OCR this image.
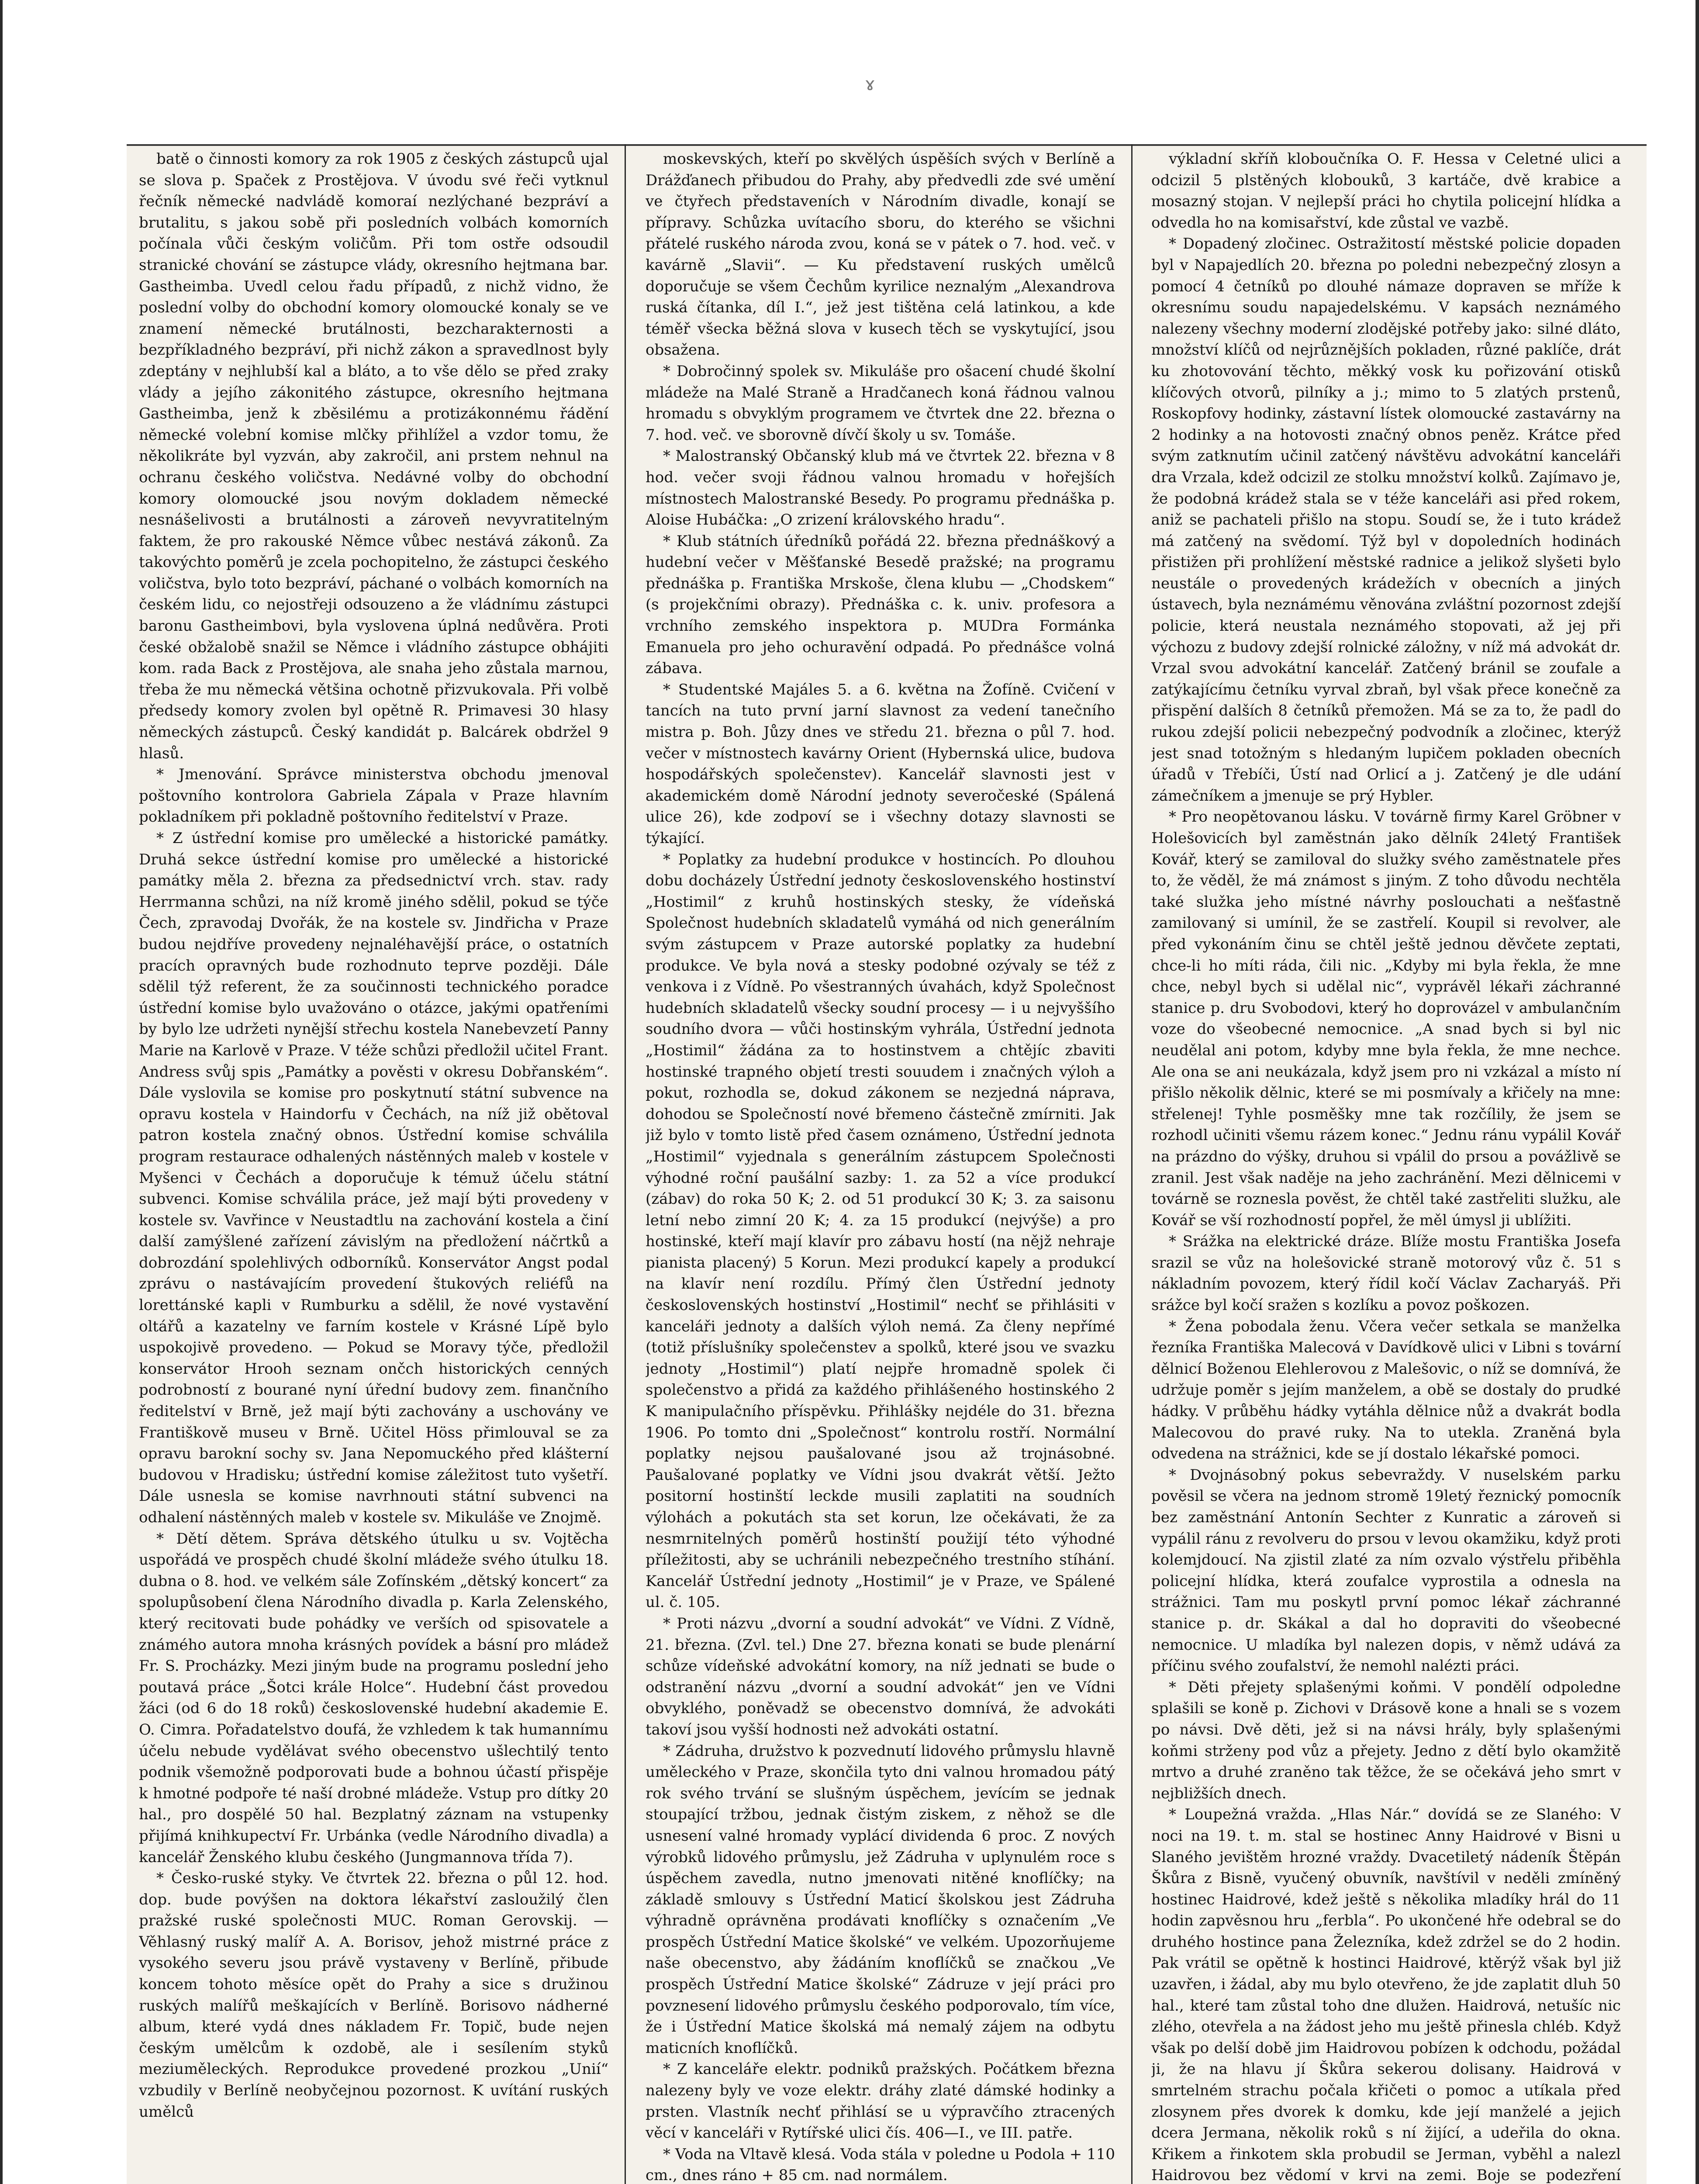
ɤ

batě o činnosti komory za rok 1905 z českých zástupců ujal se slova p. Spaček z Prostějova. V úvodu své řeči vytknul řečník německé nadvládě komoraí nezlýchané bezpráví a brutalitu, s jakou sobě při posledních volbách komorních počínala vůči českým voličům. Při tom ostře odsoudil stranické chování se zástupce vlády, okresního hejtmana bar. Gastheimba. Uvedl celou řadu případů, z nichž vidno, že poslední volby do obchodní komory olomoucké konaly se ve znamení německé brutálnosti, bezcharakternosti a bezpříkladného bezpráví, při nichž zákon a spravedlnost byly zdeptány v nejhlubší kal a bláto, a to vše dělo se před zraky vlády a jejího zákonitého zástupce, okresního hejtmana Gastheimba, jenž k zběsilému a protizákonnému řádění německé volební komise mlčky přihlížel a vzdor tomu, že několikráte byl vyzván, aby zakročil, ani prstem nehnul na ochranu českého voličstva. Nedávné volby do obchodní komory olomoucké jsou novým dokladem německé nesnášelivosti a brutálnosti a zároveň nevyvratitelným faktem, že pro rakouské Němce vůbec nestává zákonů. Za takovýchto poměrů je zcela pochopitelno, že zástupci českého voličstva, bylo toto bezpráví, páchané o volbách komorních na českém lidu, co nejostřeji odsouzeno a že vládnímu zástupci baronu Gastheimbovi, byla vyslovena úplná nedůvěra. Proti české obžalobě snažil se Němce i vládního zástupce obhájiti kom. rada Back z Prostějova, ale snaha jeho zůstala marnou, třeba že mu německá většina ochotně přizvukovala. Při volbě předsedy komory zvolen byl opětně R. Primavesi 30 hlasy německých zástupců. Český kandidát p. Balcárek obdržel 9 hlasů.

* Jmenování. Správce ministerstva obchodu jmenoval poštovního kontrolora Gabriela Zápala v Praze hlavním pokladníkem při pokladně poštovního ředitelství v Praze.

* Z ústřední komise pro umělecké a historické památky. Druhá sekce ústřední komise pro umělecké a historické památky měla 2. března za předsednictví vrch. stav. rady Herrmanna schůzi, na níž kromě jiného sdělil, pokud se týče Čech, zpravodaj Dvořák, že na kostele sv. Jindřicha v Praze budou nejdříve provedeny nejnaléhavější práce, o ostatních pracích opravných bude rozhodnuto teprve později. Dále sdělil týž referent, že za součinnosti technického poradce ústřední komise bylo uvažováno o otázce, jakými opatřeními by bylo lze udržeti nynější střechu kostela Nanebevzetí Panny Marie na Karlově v Praze. V téže schůzi předložil učitel Frant. Andress svůj spis „Památky a pověsti v okresu Dobřanském“. Dále vyslovila se komise pro poskytnutí státní subvence na opravu kostela v Haindorfu v Čechách, na níž již obětoval patron kostela značný obnos. Ústřední komise schválila program restaurace odhalených nástěnných maleb v kostele v Myšenci v Čechách a doporučuje k témuž účelu státní subvenci. Komise schválila práce, jež mají býti provedeny v kostele sv. Vavřince v Neustadtlu na zachování kostela a činí další zamýšlené zařízení závislým na předložení náčrtků a dobrozdání spolehlivých odborníků. Konservátor Angst podal zprávu o nastávajícím provedení štukových reliéfů na lorettánské kapli v Rumburku a sdělil, že nové vystavění oltářů a kazatelny ve farním kostele v Krásné Lípě bylo uspokojivě provedeno. — Pokud se Moravy týče, předložil konservátor Hrooh seznam ončch historických cenných podrobností z bourané nyní úřední budovy zem. finančního ředitelství v Brně, jež mají býti zachovány a uschovány ve Františkově museu v Brně. Učitel Höss přimlouval se za opravu barokní sochy sv. Jana Nepomuckého před klášterní budovou v Hradisku; ústřední komise záležitost tuto vyšetří. Dále usnesla se komise navrhnouti státní subvenci na odhalení nástěnných maleb v kostele sv. Mikuláše ve Znojmě.

* Dětí dětem. Správa dětského útulku u sv. Vojtěcha uspořádá ve prospěch chudé školní mládeže svého útulku 18. dubna o 8. hod. ve velkém sále Zofínském „dětský koncert“ za spolupůsobení člena Národního divadla p. Karla Zelenského, který recitovati bude pohádky ve verších od spisovatele a známého autora mnoha krásných povídek a básní pro mládež Fr. S. Procházky. Mezi jiným bude na programu poslední jeho poutavá práce „Šotci krále Holce“. Hudební část provedou žáci (od 6 do 18 roků) československé hudební akademie E. O. Cimra. Pořadatelstvo doufá, že vzhledem k tak humannímu účelu nebude vydělávat svého obecenstvo ušlechtilý tento podnik všemožně podporovati bude a bohnou účastí přispěje k hmotné podpoře té naší drobné mládeže. Vstup pro dítky 20 hal., pro dospělé 50 hal. Bezplatný záznam na vstupenky přijímá knihkupectví Fr. Urbánka (vedle Národního divadla) a kancelář Ženského klubu českého (Jungmannova třída 7).

* Česko-ruské styky. Ve čtvrtek 22. března o půl 12. hod. dop. bude povýšen na doktora lékařství zasloužilý člen pražské ruské společnosti MUC. Roman Gerovskij. — Věhlasný ruský malíř A. A. Borisov, jehož mistrné práce z vysokého severu jsou právě vystaveny v Berlíně, přibude koncem tohoto měsíce opět do Prahy a sice s družinou ruských malířů meškajících v Berlíně. Borisovo nádherné album, které vydá dnes nákladem Fr. Topič, bude nejen českým umělcům k ozdobě, ale i sesílením styků meziuměleckých. Reprodukce provedené prozkou „Unií“ vzbudily v Berlíně neobyčejnou pozornost. K uvítání ruských umělců

moskevských, kteří po skvělých úspěších svých v Berlíně a Drážďanech přibudou do Prahy, aby předvedli zde své umění ve čtyřech představeních v Národním divadle, konají se přípravy. Schůzka uvítacího sboru, do kterého se všichni přátelé ruského národa zvou, koná se v pátek o 7. hod. več. v kavárně „Slavii“. — Ku představení ruských umělců doporučuje se všem Čechům kyrilice neznalým „Alexandrova ruská čítanka, díl I.“, jež jest tištěna celá latinkou, a kde téměř všecka běžná slova v kusech těch se vyskytující, jsou obsažena.

* Dobročinný spolek sv. Mikuláše pro ošacení chudé školní mládeže na Malé Straně a Hradčanech koná řádnou valnou hromadu s obvyklým programem ve čtvrtek dne 22. března o 7. hod. več. ve sborovně dívčí školy u sv. Tomáše.

* Malostranský Občanský klub má ve čtvrtek 22. března v 8 hod. večer svoji řádnou valnou hromadu v hořejších místnostech Malostranské Besedy. Po programu přednáška p. Aloise Hubáčka: „O zrizení královského hradu“.

* Klub státních úředníků pořádá 22. března přednáškový a hudební večer v Měšťanské Besedě pražské; na programu přednáška p. Františka Mrskoše, člena klubu — „Chodskem“ (s projekčními obrazy). Přednáška c. k. univ. profesora a vrchního zemského inspektora p. MUDra Formánka Emanuela pro jeho ochuravění odpadá. Po přednášce volná zábava.

* Studentské Majáles 5. a 6. května na Žofíně. Cvičení v tancích na tuto první jarní slavnost za vedení tanečního mistra p. Boh. Jůzy dnes ve středu 21. března o půl 7. hod. večer v místnostech kavárny Orient (Hybernská ulice, budova hospodářských společenstev). Kancelář slavnosti jest v akademickém domě Národní jednoty severočeské (Spálená ulice 26), kde zodpoví se i všechny dotazy slavnosti se týkající.

* Poplatky za hudební produkce v hostincích. Po dlouhou dobu docházely Ústřední jednoty československého hostinství „Hostimil“ z kruhů hostinských stesky, že vídeňská Společnost hudebních skladatelů vymáhá od nich generálním svým zástupcem v Praze autorské poplatky za hudební produkce. Ve byla nová a stesky podobné ozývaly se též z venkova i z Vídně. Po všestranných úvahách, když Společnost hudebních skladatelů všecky soudní procesy — i u nejvyššího soudního dvora — vůči hostinským vyhrála, Ústřední jednota „Hostimil“ žádána za to hostinstvem a chtějíc zbaviti hostinské trapného objetí tresti souudem i značných výloh a pokut, rozhodla se, dokud zákonem se nezjedná náprava, dohodou se Společností nové břemeno částečně zmírniti. Jak již bylo v tomto listě před časem oznámeno, Ústřední jednota „Hostimil“ vyjednala s generálním zástupcem Společnosti výhodné roční paušální sazby: 1. za 52 a více produkcí (zábav) do roka 50 K; 2. od 51 produkcí 30 K; 3. za saisonu letní nebo zimní 20 K; 4. za 15 produkcí (nejvýše) a pro hostinské, kteří mají klavír pro zábavu hostí (na nějž nehraje pianista placený) 5 Korun. Mezi produkcí kapely a produkcí na klavír není rozdílu. Přímý člen Ústřední jednoty československých hostinství „Hostimil“ nechť se přihlásiti v kanceláři jednoty a dalších výloh nemá. Za členy nepřímé (totiž příslušníky společenstev a spolků, které jsou ve svazku jednoty „Hostimil“) platí nejpře hromadně spolek či společenstvo a přidá za každého přihlášeného hostinského 2 K manipulačního příspěvku. Přihlášky nejdéle do 31. března 1906. Po tomto dni „Společnost“ kontrolu rostří. Normální poplatky nejsou paušalované jsou až trojnásobné. Paušalované poplatky ve Vídni jsou dvakrát větší. Ježto positorní hostinští leckde musili zaplatiti na soudních výlohách a pokutách sta set korun, lze očekávati, že za nesmrnitelných poměrů hostinští použijí této výhodné příležitosti, aby se uchránili nebezpečného trestního stíhání. Kancelář Ústřední jednoty „Hostimil“ je v Praze, ve Spálené ul. č. 105.

* Proti názvu „dvorní a soudní advokát“ ve Vídni. Z Vídně, 21. března. (Zvl. tel.) Dne 27. března konati se bude plenární schůze vídeňské advokátní komory, na níž jednati se bude o odstranění názvu „dvorní a soudní advokát“ jen ve Vídni obvyklého, poněvadž se obecenstvo domnívá, že advokáti takoví jsou vyšší hodnosti než advokáti ostatní.

* Zádruha, družstvo k pozvednutí lidového průmyslu hlavně uměleckého v Praze, skončila tyto dni valnou hromadou pátý rok svého trvání se slušným úspěchem, jevícím se jednak stoupající tržbou, jednak čistým ziskem, z něhož se dle usnesení valné hromady vyplácí dividenda 6 proc. Z nových výrobků lidového průmyslu, jež Zádruha v uplynulém roce s úspěchem zavedla, nutno jmenovati nitěné knoflíčky; na základě smlouvy s Ústřední Maticí školskou jest Zádruha výhradně oprávněna prodávati knoflíčky s označením „Ve prospěch Ústřední Matice školské“ ve velkém. Upozorňujeme naše obecenstvo, aby žádáním knoflíčků se značkou „Ve prospěch Ústřední Matice školské“ Zádruze v její práci pro povznesení lidového průmyslu českého podporovalo, tím více, že i Ústřední Matice školská má nemalý zájem na odbytu maticních knoflíčků.

* Z kanceláře elektr. podniků pražských. Počátkem března nalezeny byly ve voze elektr. dráhy zlaté dámské hodinky a prsten. Vlastník nechť přihlásí se u výpravčího ztracených věcí v kanceláři v Rytířské ulici čís. 406—I., ve III. patře.

* Voda na Vltavě klesá. Voda stála v poledne u Podola + 110 cm., dnes ráno + 85 cm. nad normálem.

výkladní skříň kloboučníka O. F. Hessa v Celetné ulici a odcizil 5 plstěných klobouků, 3 kartáče, dvě krabice a mosazný stojan. V nejlepší práci ho chytila policejní hlídka a odvedla ho na komisařství, kde zůstal ve vazbě.

* Dopadený zločinec. Ostražitostí městské policie dopaden byl v Napajedlích 20. března po poledni nebezpečný zlosyn a pomocí 4 četníků po dlouhé námaze dopraven se mříže k okresnímu soudu napajedelskému. V kapsách neznámého nalezeny všechny moderní zlodějské potřeby jako: silné dláto, množství klíčů od nejrůznějších pokladen, různé paklíče, drát ku zhotovování těchto, měkký vosk ku pořizování otisků klíčových otvorů, pilníky a j.; mimo to 5 zlatých prstenů, Roskopfovy hodinky, zástavní lístek olomoucké zastavárny na 2 hodinky a na hotovosti značný obnos peněz. Krátce před svým zatknutím učinil zatčený návštěvu advokátní kanceláři dra Vrzala, kdež odcizil ze stolku množství kolků. Zajímavo je, že podobná krádež stala se v téže kanceláři asi před rokem, aniž se pachateli přišlo na stopu. Soudí se, že i tuto krádež má zatčený na svědomí. Týž byl v dopoledních hodinách přistižen při prohlížení městské radnice a jelikož slyšeti bylo neustále o provedených krádežích v obecních a jiných ústavech, byla neznámému věnována zvláštní pozornost zdejší policie, která neustala neznámého stopovati, až jej při výchozu z budovy zdejší rolnické záložny, v níž má advokát dr. Vrzal svou advokátní kancelář. Zatčený bránil se zoufale a zatýkajícímu četníku vyrval zbraň, byl však přece konečně za přispění dalších 8 četníků přemožen. Má se za to, že padl do rukou zdejší policii nebezpečný podvodník a zločinec, kterýž jest snad totožným s hledaným lupičem pokladen obecních úřadů v Třebíči, Ústí nad Orlicí a j. Zatčený je dle udání zámečníkem a jmenuje se prý Hybler.

* Pro neopětovanou lásku. V továrně firmy Karel Gröbner v Holešovicích byl zaměstnán jako dělník 24letý František Kovář, který se zamiloval do služky svého zaměstnatele přes to, že věděl, že má známost s jiným. Z toho důvodu nechtěla také služka jeho místné návrhy poslouchati a nešťastně zamilovaný si umínil, že se zastřelí. Koupil si revolver, ale před vykonáním činu se chtěl ještě jednou děvčete zeptati, chce-li ho míti ráda, čili nic. „Kdyby mi byla řekla, že mne chce, nebyl bych si udělal nic“, vyprávěl lékaři záchranné stanice p. dru Svobodovi, který ho doprovázel v ambulančním voze do všeobecné nemocnice. „A snad bych si byl nic neudělal ani potom, kdyby mne byla řekla, že mne nechce. Ale ona se ani neukázala, když jsem pro ni vzkázal a místo ní přišlo několik dělnic, které se mi posmívaly a křičely na mne: střelenej! Tyhle posměšky mne tak rozčílily, že jsem se rozhodl učiniti všemu rázem konec.“ Jednu ránu vypálil Kovář na prázdno do výšky, druhou si vpálil do prsou a povážlivě se zranil. Jest však naděje na jeho zachránění. Mezi dělnicemi v továrně se roznesla pověst, že chtěl také zastřeliti služku, ale Kovář se vší rozhodností popřel, že měl úmysl ji ublížiti.

* Srážka na elektrické dráze. Blíže mostu Františka Josefa srazil se vůz na holešovické straně motorový vůz č. 51 s nákladním povozem, který řídil kočí Václav Zacharyáš. Při srážce byl kočí sražen s kozlíku a povoz poškozen.

* Žena pobodala ženu. Včera večer setkala se manželka řezníka Františka Malecová v Davídkově ulici v Libni s tovární dělnicí Boženou Elehlerovou z Malešovic, o níž se domnívá, že udržuje poměr s jejím manželem, a obě se dostaly do prudké hádky. V průběhu hádky vytáhla dělnice nůž a dvakrát bodla Malecovou do pravé ruky. Na to utekla. Zraněná byla odvedena na strážnici, kde se jí dostalo lékařské pomoci.

* Dvojnásobný pokus sebevraždy. V nuselském parku pověsil se včera na jednom stromě 19letý řeznický pomocník bez zaměstnání Antonín Sechter z Kunratic a zároveň si vypálil ránu z revolveru do prsou v levou okamžiku, když proti kolemjdoucí. Na zjistil zlaté za ním ozvalo výstřelu přiběhla policejní hlídka, která zoufalce vyprostila a odnesla na strážnici. Tam mu poskytl první pomoc lékař záchranné stanice p. dr. Skákal a dal ho dopraviti do všeobecné nemocnice. U mladíka byl nalezen dopis, v němž udává za příčinu svého zoufalství, že nemohl nalézti práci.

* Děti přejety splašenými koňmi. V pondělí odpoledne splašili se koně p. Zichovi v Drásově kone a hnali se s vozem po návsi. Dvě děti, jež si na návsi hrály, byly splašenými koňmi strženy pod vůz a přejety. Jedno z dětí bylo okamžitě mrtvo a druhé zraněno tak těžce, že se očekává jeho smrt v nejbližších dnech.

* Loupežná vražda. „Hlas Nár.“ dovídá se ze Slaného: V noci na 19. t. m. stal se hostinec Anny Haidrové v Bisni u Slaného jevištěm hrozné vraždy. Dvacetiletý nádeník Štěpán Škůra z Bisně, vyučený obuvník, navštívil v neděli zmíněný hostinec Haidrové, kdež ještě s několika mladíky hrál do 11 hodin zapvěsnou hru „ferbla“. Po ukončené hře odebral se do druhého hostince pana Železníka, kdež zdržel se do 2 hodin. Pak vrátil se opětně k hostinci Haidrové, ktěrýž však byl již uzavřen, i žádal, aby mu bylo otevřeno, že jde zaplatit dluh 50 hal., které tam zůstal toho dne dlužen. Haidrová, netušíc nic zlého, otevřela a na žádost jeho mu ještě přinesla chléb. Když však po delší době jim Haidrovou pobízen k odchodu, požádal ji, že na hlavu jí Škůra sekerou dolisany. Haidrová v smrtelném strachu počala křičeti o pomoc a utíkala před zlosynem přes dvorek k domku, kde její manželé a jejich dcera Jermana, několik roků s ní žijící, a udeřila do okna. Křikem a řinkotem skla probudil se Jerman, vyběhl a nalezl Haidrovou bez vědomí v krvi na zemi. Boje se podezření
